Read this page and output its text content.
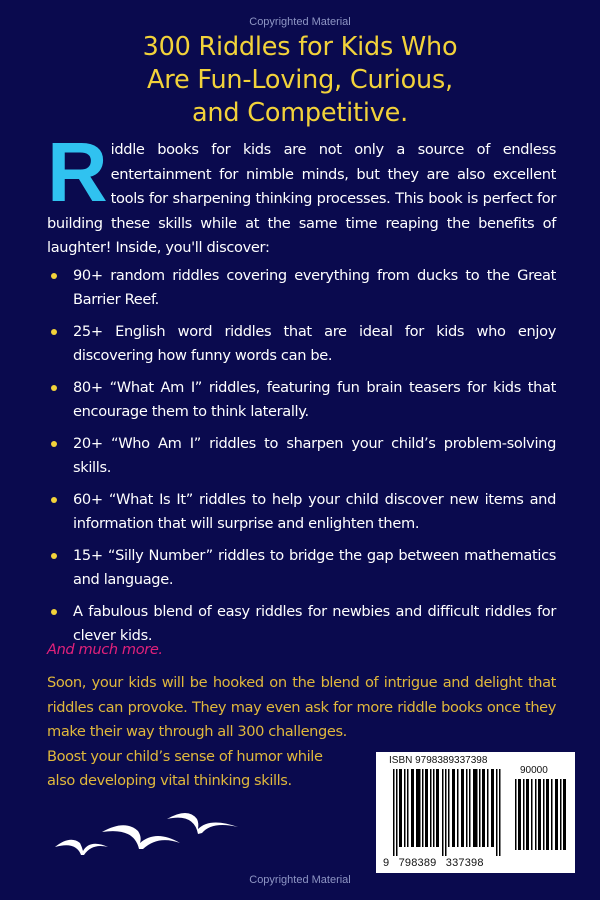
Copyrighted Material
300 Riddles for Kids Who
Are Fun-Loving, Curious,
and Competitive.
Riddle books for kids are not only a source of endless entertainment for nimble minds, but they are also excellent tools for sharpening thinking processes. This book is perfect for building these skills while at the same time reaping the benefits of laughter! Inside, you'll discover:
90+ random riddles covering everything from ducks to the Great Barrier Reef.
25+ English word riddles that are ideal for kids who enjoy discovering how funny words can be.
80+ “What Am I” riddles, featuring fun brain teasers for kids that encourage them to think laterally.
20+ “Who Am I” riddles to sharpen your child’s problem-solving skills.
60+ “What Is It” riddles to help your child discover new items and information that will surprise and enlighten them.
15+ “Silly Number” riddles to bridge the gap between mathematics and language.
A fabulous blend of easy riddles for newbies and difficult riddles for clever kids.
And much more.
Soon, your kids will be hooked on the blend of intrigue and delight that riddles can provoke. They may even ask for more riddle books once they make their way through all 300 challenges.
Boost your child’s sense of humor while
also developing vital thinking skills.
ISBN 9798389337398
90000
9 798389 337398
Copyrighted Material
